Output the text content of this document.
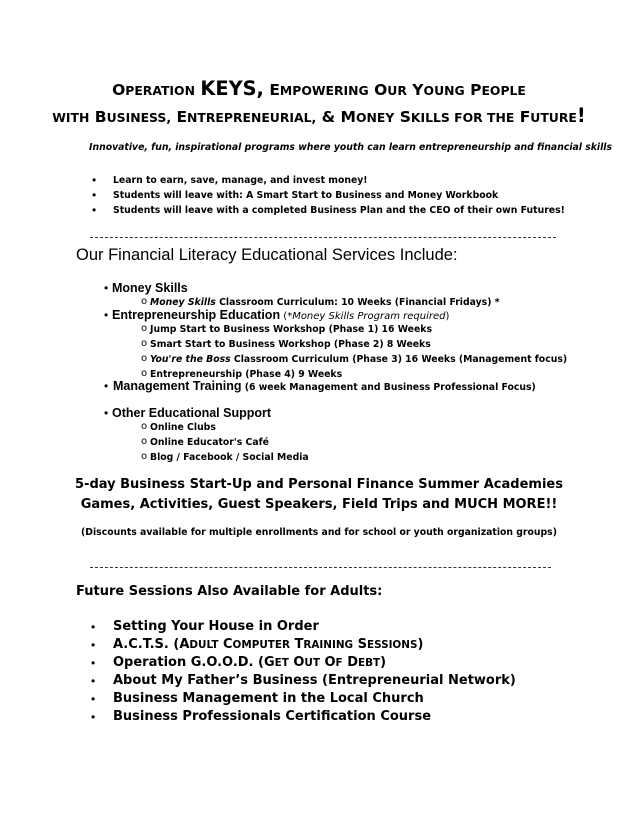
OPERATION KEYS, EMPOWERING OUR YOUNG PEOPLE
WITH BUSINESS, ENTREPRENEURIAL, & MONEY SKILLS FOR THE FUTURE!
Innovative, fun, inspirational programs where youth can learn entrepreneurship and financial skills
• Learn to earn, save, manage, and invest money!
• Students will leave with: A Smart Start to Business and Money Workbook
• Students will leave with a completed Business Plan and the CEO of their own Futures!
Our Financial Literacy Educational Services Include:
• Money Skills
o Money Skills Classroom Curriculum: 10 Weeks (Financial Fridays) *
• Entrepreneurship Education (*Money Skills Program required)
o Jump Start to Business Workshop (Phase 1) 16 Weeks
o Smart Start to Business Workshop (Phase 2) 8 Weeks
o You're the Boss Classroom Curriculum (Phase 3) 16 Weeks (Management focus)
o Entrepreneurship (Phase 4) 9 Weeks
• Management Training (6 week Management and Business Professional Focus)
• Other Educational Support
o Online Clubs
o Online Educator's Café
o Blog / Facebook / Social Media
5-day Business Start-Up and Personal Finance Summer Academies
Games, Activities, Guest Speakers, Field Trips and MUCH MORE!!
(Discounts available for multiple enrollments and for school or youth organization groups)
Future Sessions Also Available for Adults:
• Setting Your House in Order
• A.C.T.S. (ADULT COMPUTER TRAINING SESSIONS)
• Operation G.O.O.D. (GET OUT OF DEBT)
• About My Father’s Business (Entrepreneurial Network)
• Business Management in the Local Church
• Business Professionals Certification Course
